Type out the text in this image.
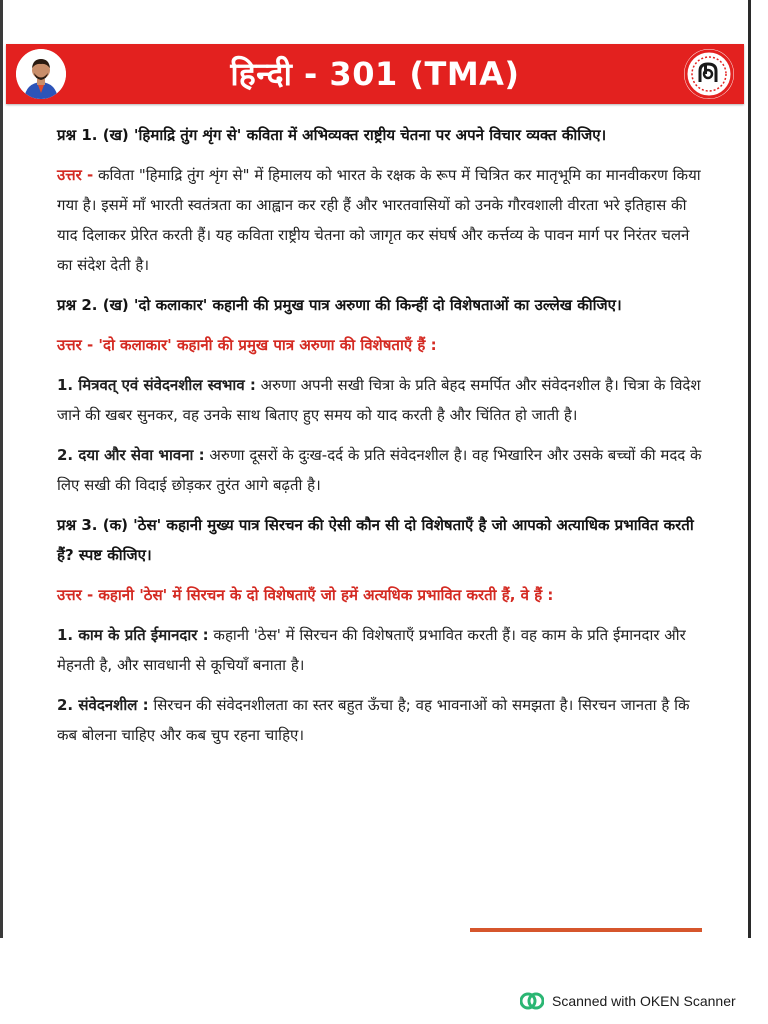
हिन्दी - 301 (TMA)
प्रश्न 1. (ख) 'हिमाद्रि तुंग शृंग से' कविता में अभिव्यक्त राष्ट्रीय चेतना पर अपने विचार व्यक्त कीजिए।
उत्तर - कविता "हिमाद्रि तुंग शृंग से" में हिमालय को भारत के रक्षक के रूप में चित्रित कर मातृभूमि का मानवीकरण किया गया है। इसमें माँ भारती स्वतंत्रता का आह्वान कर रही हैं और भारतवासियों को उनके गौरवशाली वीरता भरे इतिहास की याद दिलाकर प्रेरित करती हैं। यह कविता राष्ट्रीय चेतना को जागृत कर संघर्ष और कर्त्तव्य के पावन मार्ग पर निरंतर चलने का संदेश देती है।
प्रश्न 2. (ख) 'दो कलाकार' कहानी की प्रमुख पात्र अरुणा की किन्हीं दो विशेषताओं का उल्लेख कीजिए।
उत्तर - 'दो कलाकार' कहानी की प्रमुख पात्र अरुणा की विशेषताएँ हैं :
1. मित्रवत् एवं संवेदनशील स्वभाव : अरुणा अपनी सखी चित्रा के प्रति बेहद समर्पित और संवेदनशील है। चित्रा के विदेश जाने की खबर सुनकर, वह उनके साथ बिताए हुए समय को याद करती है और चिंतित हो जाती है।
2. दया और सेवा भावना : अरुणा दूसरों के दुःख-दर्द के प्रति संवेदनशील है। वह भिखारिन और उसके बच्चों की मदद के लिए सखी की विदाई छोड़कर तुरंत आगे बढ़ती है।
प्रश्न 3. (क) 'ठेस' कहानी मुख्य पात्र सिरचन की ऐसी कौन सी दो विशेषताएँ है जो आपको अत्याधिक प्रभावित करती हैं? स्पष्ट कीजिए।
उत्तर - कहानी 'ठेस' में सिरचन के दो विशेषताएँ जो हमें अत्यधिक प्रभावित करती हैं, वे हैं :
1. काम के प्रति ईमानदार : कहानी 'ठेस' में सिरचन की विशेषताएँ प्रभावित करती हैं। वह काम के प्रति ईमानदार और मेहनती है, और सावधानी से कूचियाँ बनाता है।
2. संवेदनशील : सिरचन की संवेदनशीलता का स्तर बहुत ऊँचा है; वह भावनाओं को समझता है। सिरचन जानता है कि कब बोलना चाहिए और कब चुप रहना चाहिए।
Scanned with OKEN Scanner
